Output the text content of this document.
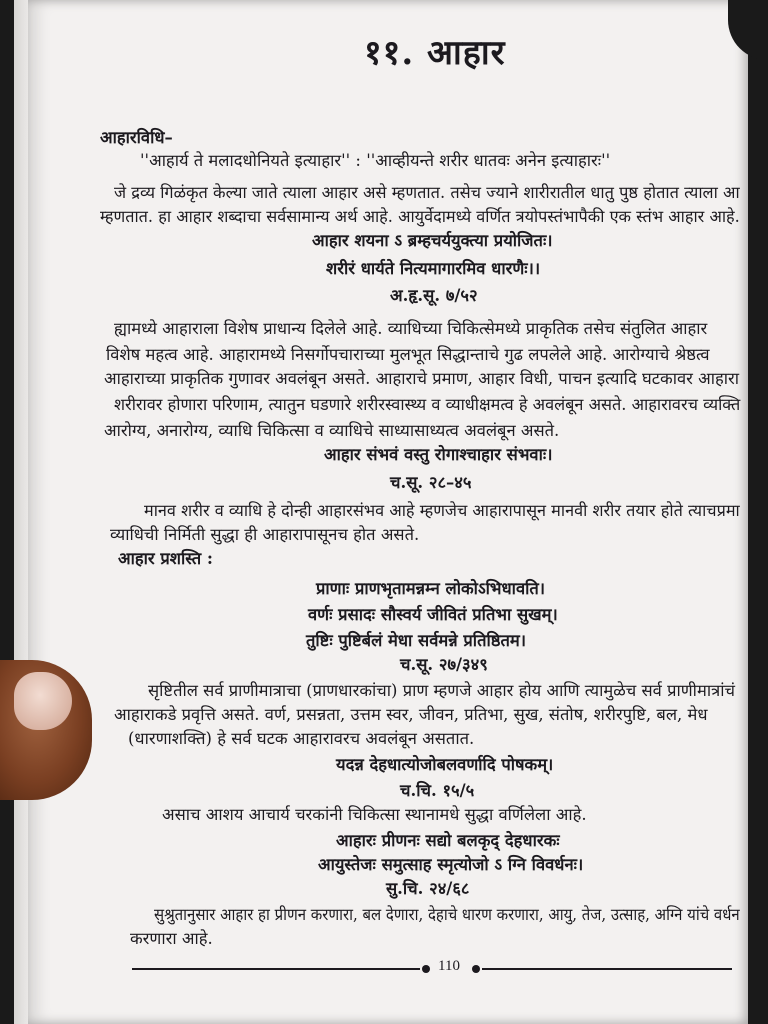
११. आहार
आहारविधि–
''आहार्य ते मलादधोनियते इत्याहार'' : ''आव्हीयन्ते शरीर धातवः अनेन इत्याहारः''
जे द्रव्य गिळंकृत केल्या जाते त्याला आहार असे म्हणतात. तसेच ज्याने शारीरातील धातु पुष्ठ होतात त्याला आ
म्हणतात. हा आहार शब्दाचा सर्वसामान्य अर्थ आहे. आयुर्वेदामध्ये वर्णित त्रयोपस्तंभापैकी एक स्तंभ आहार आहे.
आहार शयना ऽ ब्रम्हचर्ययुक्त्या प्रयोजितः।
शरीरं धार्यते नित्यमागारमिव धारणैः।।
अ.हृ.सू. ७/५२
ह्यामध्ये आहाराला विशेष प्राधान्य दिलेले आहे. व्याधिच्या चिकित्सेमध्ये प्राकृतिक तसेच संतुलित आहार
विशेष महत्व आहे. आहारामध्ये निसर्गोपचाराच्या मुलभूत सिद्धान्ताचे गुढ लपलेले आहे. आरोग्याचे श्रेष्ठत्व
आहाराच्या प्राकृतिक गुणावर अवलंबून असते. आहाराचे प्रमाण, आहार विधी, पाचन इत्यादि घटकावर आहारा
शरीरावर होणारा परिणाम, त्यातुन घडणारे शरीरस्वास्थ्य व व्याधीक्षमत्व हे अवलंबून असते. आहारावरच व्यक्ति
आरोग्य, अनारोग्य, व्याधि चिकित्सा व व्याधिचे साध्यासाध्यत्व अवलंबून असते.
आहार संभवं वस्तु रोगाश्चाहार संभवाः।
च.सू. २८–४५
मानव शरीर व व्याधि हे दोन्ही आहारसंभव आहे म्हणजेच आहारापासून मानवी शरीर तयार होते त्याचप्रमा
व्याधिची निर्मिती सुद्धा ही आहारापासूनच होत असते.
आहार प्रशस्ति :
प्राणाः प्राणभृतामन्नम्न लोकोऽभिधावति।
वर्णः प्रसादः सौस्वर्य जीवितं प्रतिभा सुखम्।
तुष्टिः पुष्टिर्बलं मेधा सर्वमन्ने प्रतिष्ठितम।
च.सू. २७/३४९
सृष्टितील सर्व प्राणीमात्राचा (प्राणधारकांचा) प्राण म्हणजे आहार होय आणि त्यामुळेच सर्व प्राणीमात्रांचं
आहाराकडे प्रवृत्ति असते. वर्ण, प्रसन्नता, उत्तम स्वर, जीवन, प्रतिभा, सुख, संतोष, शरीरपुष्टि, बल, मेध
(धारणाशक्ति) हे सर्व घटक आहारावरच अवलंबून असतात.
यदन्न देहधात्योजोबलवर्णादि पोषकम्।
च.चि. १५/५
असाच आशय आचार्य चरकांनी चिकित्सा स्थानामधे सुद्धा वर्णिलेला आहे.
आहारः प्रीणनः सद्यो बलकृद् देहधारकः
आयुस्तेजः समुत्साह स्मृत्योजो ऽ ग्नि विवर्धनः।
सु.चि. २४/६८
सुश्रुतानुसार आहार हा प्रीणन करणारा, बल देणारा, देहाचे धारण करणारा, आयु, तेज, उत्साह, अग्नि यांचे वर्धन
करणारा आहे.
110
